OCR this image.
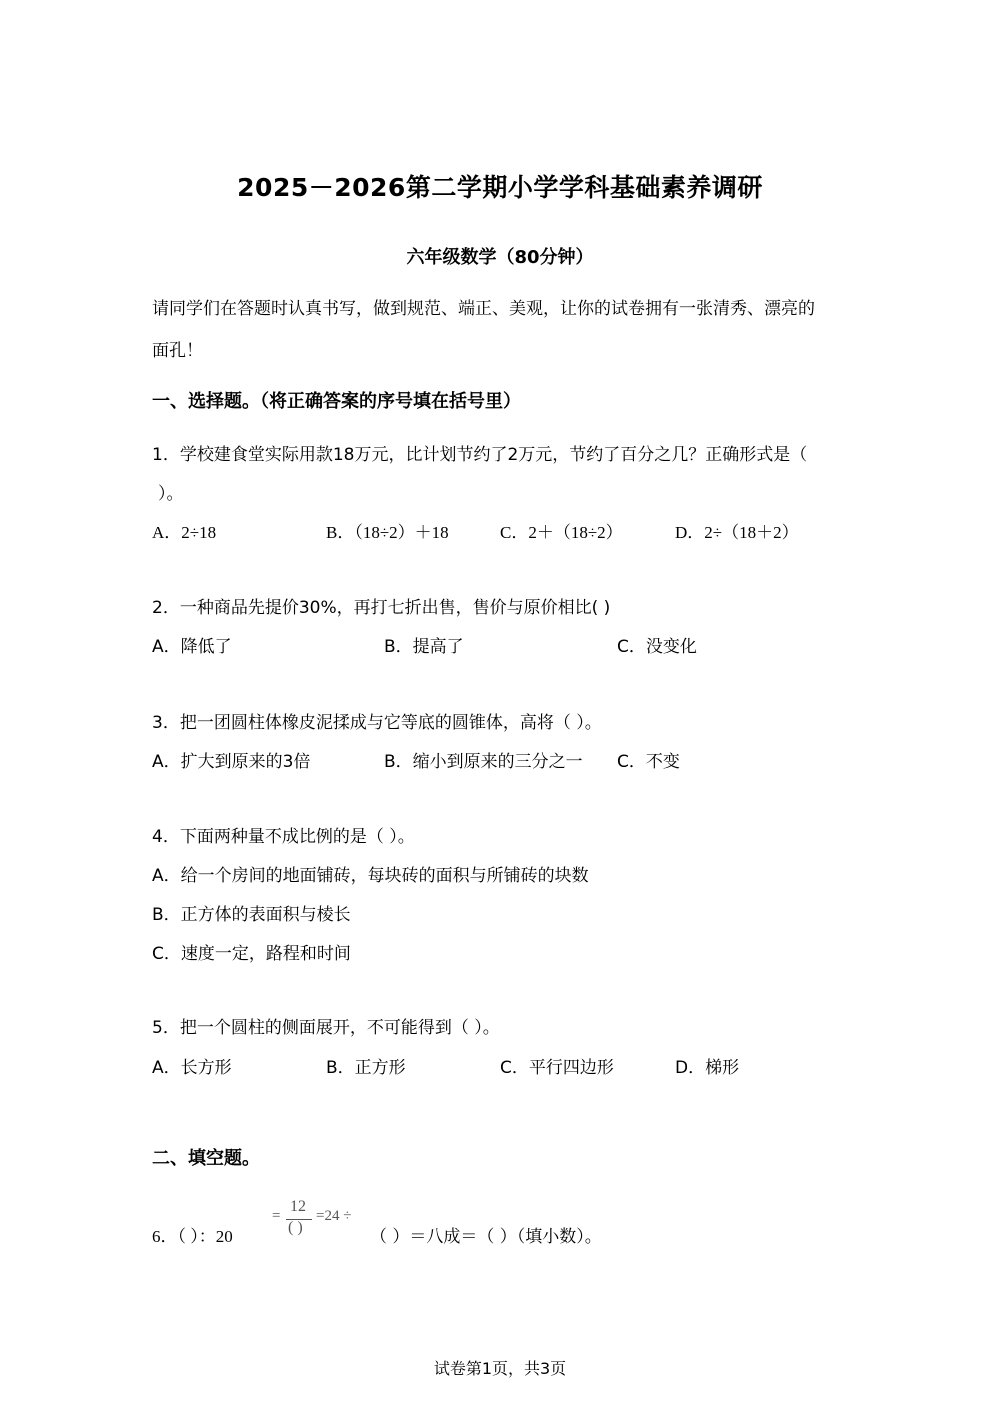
2025－2026第二学期小学学科基础素养调研
六年级数学（80分钟）
请同学们在答题时认真书写，做到规范、端正、美观，让你的试卷拥有一张清秀、漂亮的
面孔！
一、选择题。（将正确答案的序号填在括号里）
1．学校建食堂实际用款18万元，比计划节约了2万元，节约了百分之几？正确形式是（
）。
A．2÷18	B．（18÷2）＋18	C．2＋（18÷2）	D．2÷（18＋2）
2．一种商品先提价30%，再打七折出售，售价与原价相比( )
A．降低了	B．提高了	C．没变化
3．把一团圆柱体橡皮泥揉成与它等底的圆锥体，高将（ ）。
A．扩大到原来的3倍	B．缩小到原来的三分之一 C．不变
4．下面两种量不成比例的是（ ）。
A．给一个房间的地面铺砖，每块砖的面积与所铺砖的块数
B．正方体的表面积与棱长
C．速度一定，路程和时间
5．把一个圆柱的侧面展开，不可能得到（ ）。
A．长方形	B．正方形	C．平行四边形	D．梯形
二、填空题。
6．（ ）：20
=
12
( )
=24 ÷
（ ）＝八成＝（ ）（填小数）。
试卷第1页，共3页
